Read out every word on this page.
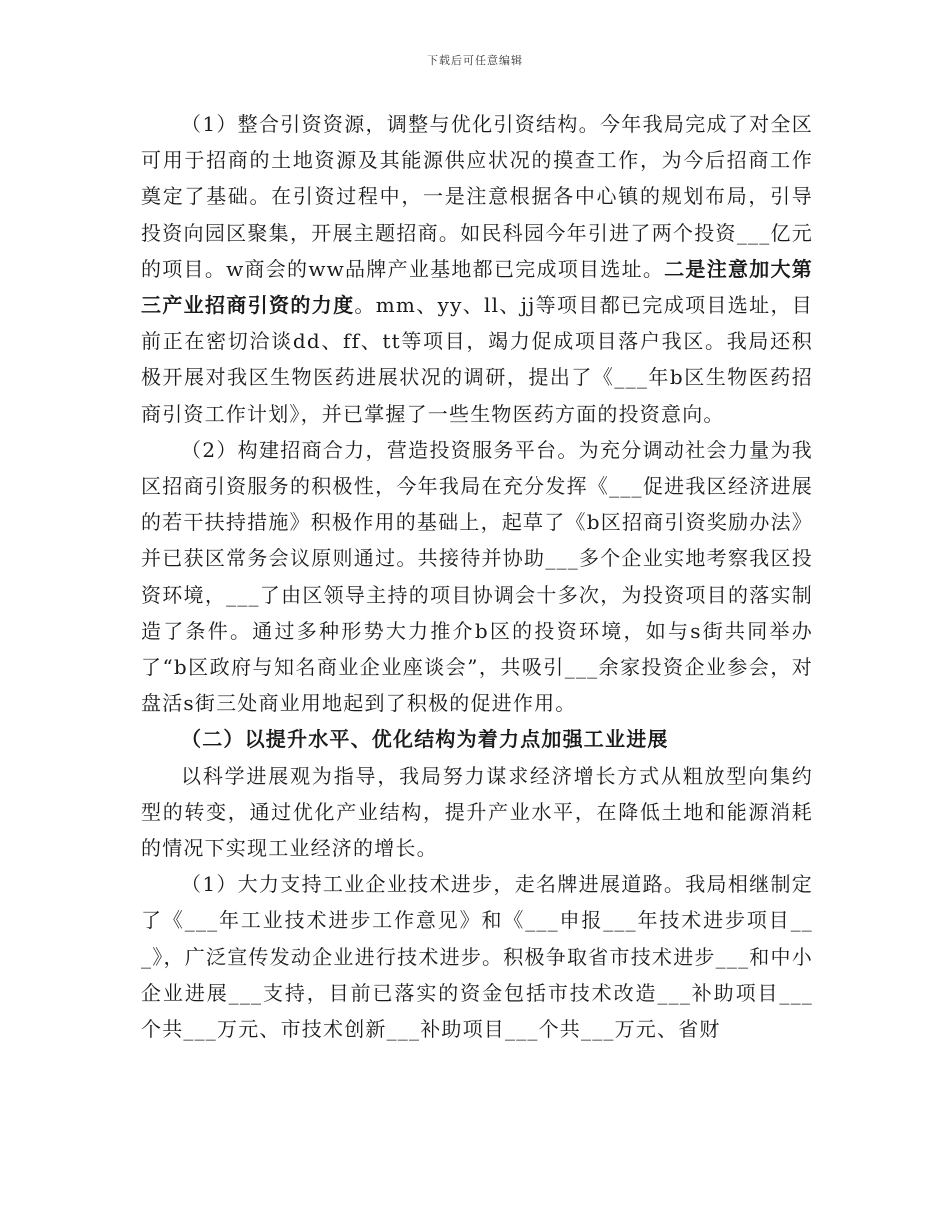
下载后可任意编辑

（1）整合引资资源，调整与优化引资结构。今年我局完成了对全区可用于招商的土地资源及其能源供应状况的摸查工作，为今后招商工作奠定了基础。在引资过程中，一是注意根据各中心镇的规划布局，引导投资向园区聚集，开展主题招商。如民科园今年引进了两个投资___亿元的项目。w商会的ww品牌产业基地都已完成项目选址。二是注意加大第三产业招商引资的力度。mm、yy、ll、jj等项目都已完成项目选址，目前正在密切洽谈dd、ff、tt等项目，竭力促成项目落户我区。我局还积极开展对我区生物医药进展状况的调研，提出了《___年b区生物医药招商引资工作计划》，并已掌握了一些生物医药方面的投资意向。

（2）构建招商合力，营造投资服务平台。为充分调动社会力量为我区招商引资服务的积极性，今年我局在充分发挥《___促进我区经济进展的若干扶持措施》积极作用的基础上，起草了《b区招商引资奖励办法》并已获区常务会议原则通过。共接待并协助___多个企业实地考察我区投资环境，___了由区领导主持的项目协调会十多次，为投资项目的落实制造了条件。通过多种形势大力推介b区的投资环境，如与s街共同举办了“b区政府与知名商业企业座谈会”，共吸引___余家投资企业参会，对盘活s街三处商业用地起到了积极的促进作用。

（二）以提升水平、优化结构为着力点加强工业进展

以科学进展观为指导，我局努力谋求经济增长方式从粗放型向集约型的转变，通过优化产业结构，提升产业水平，在降低土地和能源消耗的情况下实现工业经济的增长。

（1）大力支持工业企业技术进步，走名牌进展道路。我局相继制定了《___年工业技术进步工作意见》和《___申报___年技术进步项目___》，广泛宣传发动企业进行技术进步。积极争取省市技术进步___和中小企业进展___支持，目前已落实的资金包括市技术改造___补助项目___个共___万元、市技术创新___补助项目___个共___万元、省财
